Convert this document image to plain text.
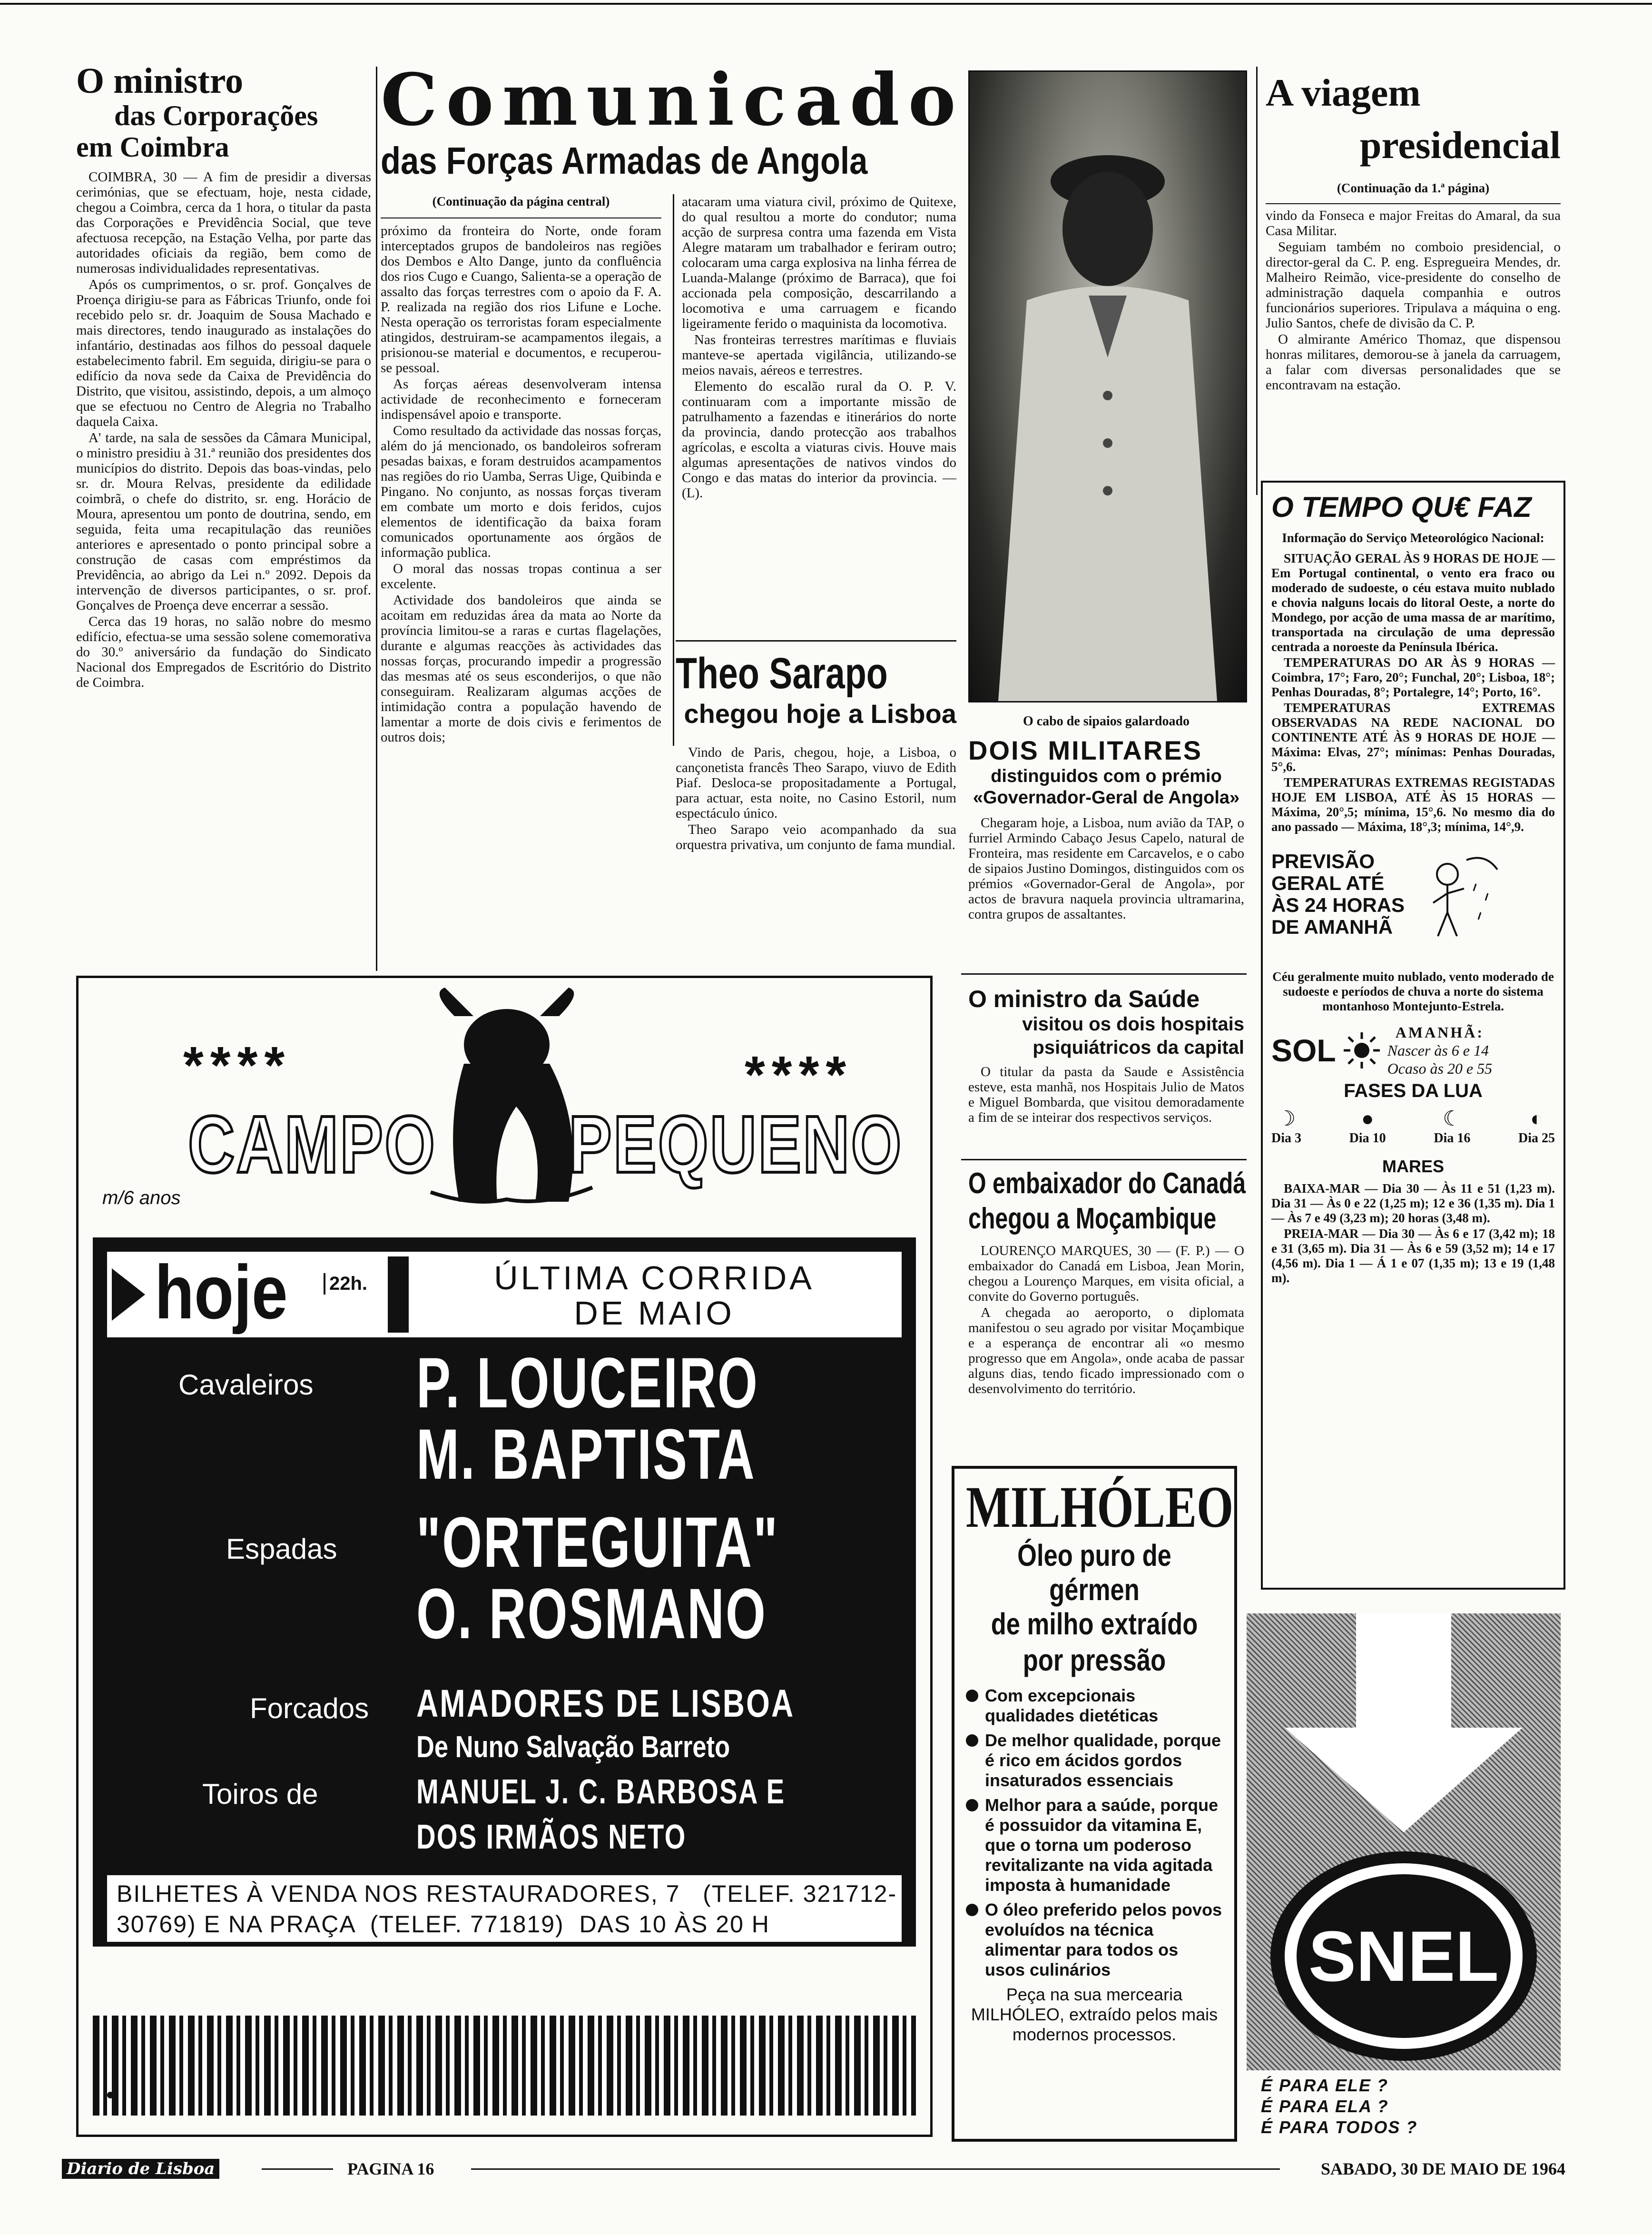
O ministro
das Corporações
em Coimbra

COIMBRA, 30 — A fim de presidir a diversas cerimónias, que se efectuam, hoje, nesta cidade, chegou a Coimbra, cerca da 1 hora, o titular da pasta das Corporações e Previdência Social, que teve afectuosa recepção, na Estação Velha, por parte das autoridades oficiais da região, bem como de numerosas individualidades representativas.

Após os cumprimentos, o sr. prof. Gonçalves de Proença dirigiu-se para as Fábricas Triunfo, onde foi recebido pelo sr. dr. Joaquim de Sousa Machado e mais directores, tendo inaugurado as instalações do infantário, destinadas aos filhos do pessoal daquele estabelecimento fabril. Em seguida, dirigiu-se para o edifício da nova sede da Caixa de Previdência do Distrito, que visitou, assistindo, depois, a um almoço que se efectuou no Centro de Alegria no Trabalho daquela Caixa.

A' tarde, na sala de sessões da Câmara Municipal, o ministro presidiu à 31.ª reunião dos presidentes dos municípios do distrito. Depois das boas-vindas, pelo sr. dr. Moura Relvas, presidente da edilidade coimbrã, o chefe do distrito, sr. eng. Horácio de Moura, apresentou um ponto de doutrina, sendo, em seguida, feita uma recapitulação das reuniões anteriores e apresentado o ponto principal sobre a construção de casas com empréstimos da Previdência, ao abrigo da Lei n.º 2092. Depois da intervenção de diversos participantes, o sr. prof. Gonçalves de Proença deve encerrar a sessão.

Cerca das 19 horas, no salão nobre do mesmo edifício, efectua-se uma sessão solene comemorativa do 30.º aniversário da fundação do Sindicato Nacional dos Empregados de Escritório do Distrito de Coimbra.

Comunicado
das Forças Armadas de Angola
(Continuação da página central)

próximo da fronteira do Norte, onde foram interceptados grupos de bandoleiros nas regiões dos Dembos e Alto Dange, junto da confluência dos rios Cugo e Cuango, Salienta-se a operação de assalto das forças terrestres com o apoio da F. A. P. realizada na região dos rios Lifune e Loche. Nesta operação os terroristas foram especialmente atingidos, destruiram-se acampamentos ilegais, a prisionou-se material e documentos, e recuperou-se pessoal.

As forças aéreas desenvolveram intensa actividade de reconhecimento e forneceram indispensável apoio e transporte.

Como resultado da actividade das nossas forças, além do já mencionado, os bandoleiros sofreram pesadas baixas, e foram destruidos acampamentos nas regiões do rio Uamba, Serras Uige, Quibinda e Pingano. No conjunto, as nossas forças tiveram em combate um morto e dois feridos, cujos elementos de identificação da baixa foram comunicados oportunamente aos órgãos de informação publica.

O moral das nossas tropas continua a ser excelente.

Actividade dos bandoleiros que ainda se acoitam em reduzidas área da mata ao Norte da província limitou-se a raras e curtas flagelações, durante e algumas reacções às actividades das nossas forças, procurando impedir a progressão das mesmas até os seus esconderijos, o que não conseguiram. Realizaram algumas acções de intimidação contra a população havendo de lamentar a morte de dois civis e ferimentos de outros dois;

atacaram uma viatura civil, próximo de Quitexe, do qual resultou a morte do condutor; numa acção de surpresa contra uma fazenda em Vista Alegre mataram um trabalhador e feriram outro; colocaram uma carga explosiva na linha férrea de Luanda-Malange (próximo de Barraca), que foi accionada pela composição, descarrilando a locomotiva e uma carruagem e ficando ligeiramente ferido o maquinista da locomotiva.

Nas fronteiras terrestres marítimas e fluviais manteve-se apertada vigilância, utilizando-se meios navais, aéreos e terrestres.

Elemento do escalão rural da O. P. V. continuaram com a importante missão de patrulhamento a fazendas e itinerários do norte da provincia, dando protecção aos trabalhos agrícolas, e escolta a viaturas civis. Houve mais algumas apresentações de nativos vindos do Congo e das matas do interior da provincia. — (L).

Theo Sarapo
chegou hoje a Lisboa

Vindo de Paris, chegou, hoje, a Lisboa, o cançonetista francês Theo Sarapo, viuvo de Edith Piaf. Desloca-se propositadamente a Portugal, para actuar, esta noite, no Casino Estoril, num espectáculo único.

Theo Sarapo veio acompanhado da sua orquestra privativa, um conjunto de fama mundial.

O cabo de sipaios galardoado
DOIS MILITARES
distinguidos com o prémio
«Governador-Geral de Angola»

Chegaram hoje, a Lisboa, num avião da TAP, o furriel Armindo Cabaço Jesus Capelo, natural de Fronteira, mas residente em Carcavelos, e o cabo de sipaios Justino Domingos, distinguidos com os prémios «Governador-Geral de Angola», por actos de bravura naquela provincia ultramarina, contra grupos de assaltantes.

O ministro da Saúde
visitou os dois hospitais
psiquiátricos da capital

O titular da pasta da Saude e Assistência esteve, esta manhã, nos Hospitais Julio de Matos e Miguel Bombarda, que visitou demoradamente a fim de se inteirar dos respectivos serviços.

O embaixador do Canadá
chegou a Moçambique

LOURENÇO MARQUES, 30 — (F. P.) — O embaixador do Canadá em Lisboa, Jean Morin, chegou a Lourenço Marques, em visita oficial, a convite do Governo português.

A chegada ao aeroporto, o diplomata manifestou o seu agrado por visitar Moçambique e a esperança de encontrar ali «o mesmo progresso que em Angola», onde acaba de passar alguns dias, tendo ficado impressionado com o desenvolvimento do território.

MILHÓLEO
Óleo puro de gérmen
de milho extraído
por pressão
Com excepcionais qualidades dietéticas
De melhor qualidade, porque é rico em ácidos gordos insaturados essenciais
Melhor para a saúde, porque é possuidor da vitamina E, que o torna um poderoso revitalizante na vida agitada imposta à humanidade
O óleo preferido pelos povos evoluídos na técnica alimentar para todos os usos culinários
Peça na sua mercearia MILHÓLEO, extraído pelos mais modernos processos.
A viagem
presidencial
(Continuação da 1.ª página)

vindo da Fonseca e major Freitas do Amaral, da sua Casa Militar.

Seguiam também no comboio presidencial, o director-geral da C. P. eng. Espregueira Mendes, dr. Malheiro Reimão, vice-presidente do conselho de administração daquela companhia e outros funcionários superiores. Tripulava a máquina o eng. Julio Santos, chefe de divisão da C. P.

O almirante Américo Thomaz, que dispensou honras militares, demorou-se à janela da carruagem, a falar com diversas personalidades que se encontravam na estação.

O TEMPO QU€ FAZ
Informação do Serviço Meteorológico Nacional:

SITUAÇÃO GERAL ÀS 9 HORAS DE HOJE — Em Portugal continental, o vento era fraco ou moderado de sudoeste, o céu estava muito nublado e chovia nalguns locais do litoral Oeste, a norte do Mondego, por acção de uma massa de ar marítimo, transportada na circulação de uma depressão centrada a noroeste da Península Ibérica.

TEMPERATURAS DO AR ÀS 9 HORAS — Coimbra, 17°; Faro, 20°; Funchal, 20°; Lisboa, 18°; Penhas Douradas, 8°; Portalegre, 14°; Porto, 16°.

TEMPERATURAS EXTREMAS OBSERVADAS NA REDE NACIONAL DO CONTINENTE ATÉ ÀS 9 HORAS DE HOJE — Máxima: Elvas, 27°; mínimas: Penhas Douradas, 5°,6.

TEMPERATURAS EXTREMAS REGISTADAS HOJE EM LISBOA, ATÉ ÀS 15 HORAS — Máxima, 20°,5; mínima, 15°,6. No mesmo dia do ano passado — Máxima, 18°,3; mínima, 14°,9.

PREVISÃO
GERAL ATÉ
ÀS 24 HORAS
DE AMANHÃ

Céu geralmente muito nublado, vento moderado de sudoeste e períodos de chuva a norte do sistema montanhoso Montejunto-Estrela.

SOL
AMANHÃ:
Nascer às 6 e 14
Ocaso às 20 e 55
FASES DA LUA
☽
Dia 3
●
Dia 10
☾
Dia 16
◐
Dia 25
MARES

BAIXA-MAR — Dia 30 — Às 11 e 51 (1,23 m). Dia 31 — Às 0 e 22 (1,25 m); 12 e 36 (1,35 m). Dia 1 — Às 7 e 49 (3,23 m); 20 horas (3,48 m).

PREIA-MAR — Dia 30 — Às 6 e 17 (3,42 m); 18 e 31 (3,65 m). Dia 31 — Às 6 e 59 (3,52 m); 14 e 17 (4,56 m). Dia 1 — Á 1 e 07 (1,35 m); 13 e 19 (1,48 m).

SNEL
É PARA ELE ?
É PARA ELA ?
É PARA TODOS ?
****	****
CAMPO PEQUENO
m/6 anos
hoje	22h.	ÚLTIMA CORRIDA
DE MAIO
Cavaleiros P. LOUCEIRO
M. BAPTISTA
Espadas "ORTEGUITA"
O. ROSMANO
Forcados AMADORES DE LISBOA
De Nuno Salvação Barreto
Toiros de	MANUEL J. C. BARBOSA E
DOS IRMÃOS NETO
BILHETES À VENDA NOS RESTAURADORES, 7   (TELEF. 321712-
30769) E NA PRAÇA  (TELEF. 771819)  DAS 10 ÀS 20 H
Diario de Lisboa	PAGINA 16	SABADO, 30 DE MAIO DE 1964
